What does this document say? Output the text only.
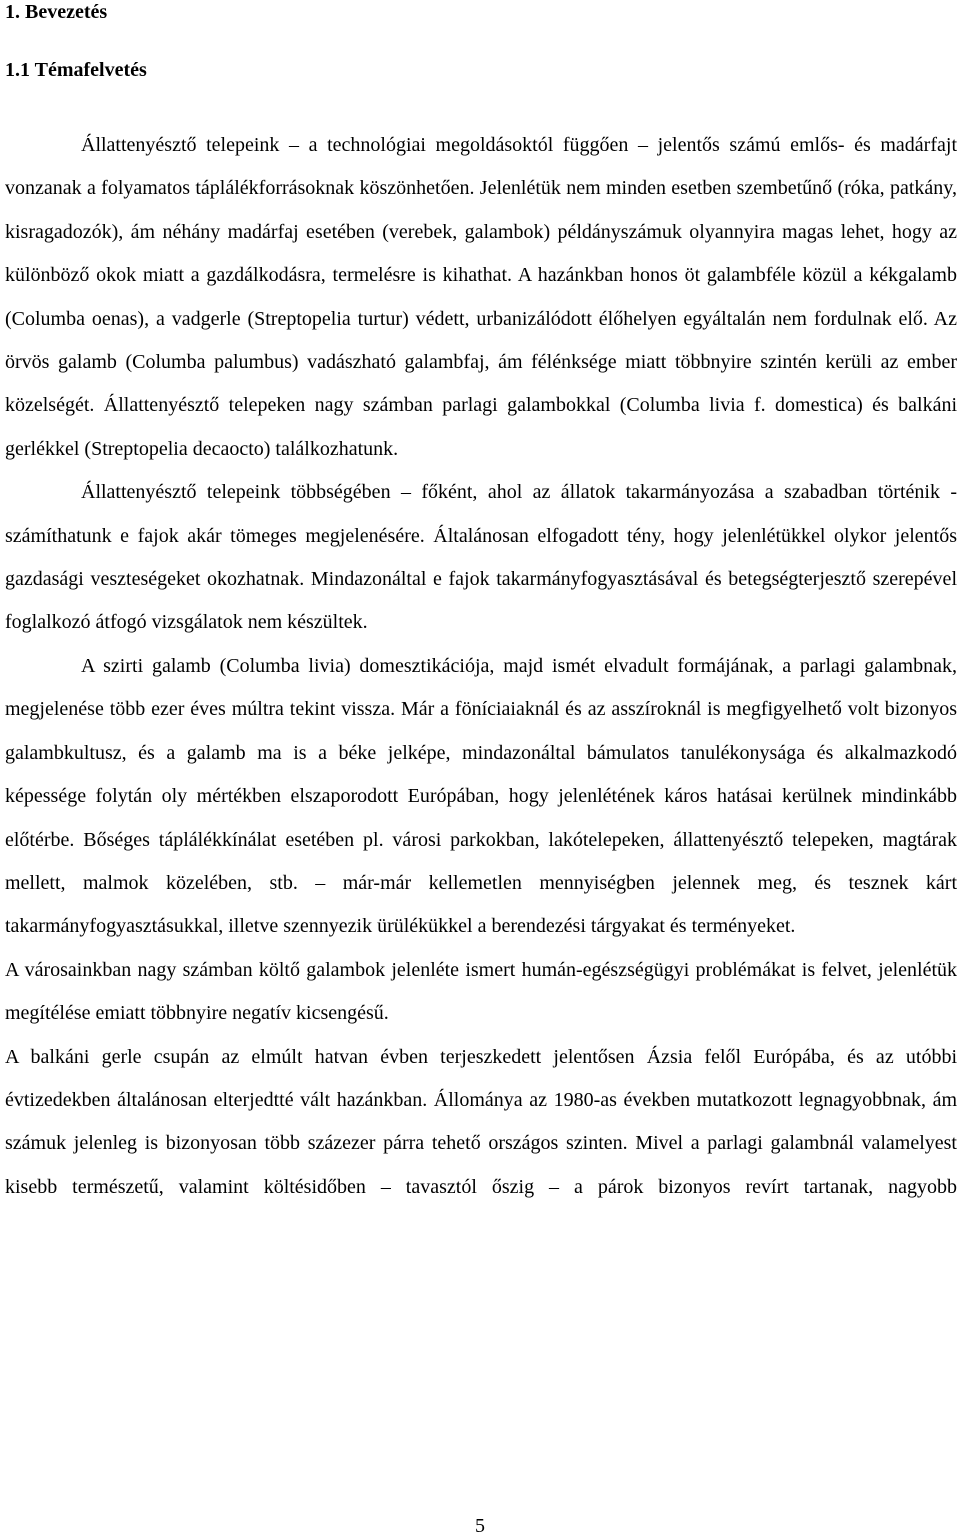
1. Bevezetés
1.1 Témafelvetés

Állattenyésztő telepeink – a technológiai megoldásoktól függően – jelentős számú emlős- és madárfajt vonzanak a folyamatos táplálékforrásoknak köszönhetően. Jelenlétük nem minden esetben szembetűnő (róka, patkány, kisragadozók), ám néhány madárfaj esetében (verebek, galambok) példányszámuk olyannyira magas lehet, hogy az különböző okok miatt a gazdálkodásra, termelésre is kihathat. A hazánkban honos öt galambféle közül a kékgalamb (Columba oenas), a vadgerle (Streptopelia turtur) védett, urbanizálódott élőhelyen egyáltalán nem fordulnak elő. Az örvös galamb (Columba palumbus) vadászható galambfaj, ám félénksége miatt többnyire szintén kerüli az ember közelségét. Állattenyésztő telepeken nagy számban parlagi galambokkal (Columba livia f. domestica) és balkáni gerlékkel (Streptopelia decaocto) találkozhatunk.

Állattenyésztő telepeink többségében – főként, ahol az állatok takarmányozása a szabadban történik - számíthatunk e fajok akár tömeges megjelenésére. Általánosan elfogadott tény, hogy jelenlétükkel olykor jelentős gazdasági veszteségeket okozhatnak. Mindazonáltal e fajok takarmányfogyasztásával és betegségterjesztő szerepével foglalkozó átfogó vizsgálatok nem készültek.

A szirti galamb (Columba livia) domesztikációja, majd ismét elvadult formájának, a parlagi galambnak, megjelenése több ezer éves múltra tekint vissza. Már a föníciaiaknál és az asszíroknál is megfigyelhető volt bizonyos galambkultusz, és a galamb ma is a béke jelképe, mindazonáltal bámulatos tanulékonysága és alkalmazkodó képessége folytán oly mértékben elszaporodott Európában, hogy jelenlétének káros hatásai kerülnek mindinkább előtérbe. Bőséges táplálékkínálat esetében pl. városi parkokban, lakótelepeken, állattenyésztő telepeken, magtárak mellett, malmok közelében, stb. – már-már kellemetlen mennyiségben jelennek meg, és tesznek kárt takarmányfogyasztásukkal, illetve szennyezik ürülékükkel a berendezési tárgyakat és terményeket.

A városainkban nagy számban költő galambok jelenléte ismert humán-egészségügyi problémákat is felvet, jelenlétük megítélése emiatt többnyire negatív kicsengésű.

A balkáni gerle csupán az elmúlt hatvan évben terjeszkedett jelentősen Ázsia felől Európába, és az utóbbi évtizedekben általánosan elterjedtté vált hazánkban. Állománya az 1980-as években mutatkozott legnagyobbnak, ám számuk jelenleg is bizonyosan több százezer párra tehető országos szinten. Mivel a parlagi galambnál valamelyest kisebb természetű, valamint költésidőben – tavasztól őszig – a párok bizonyos revírt tartanak, nagyobb

5
